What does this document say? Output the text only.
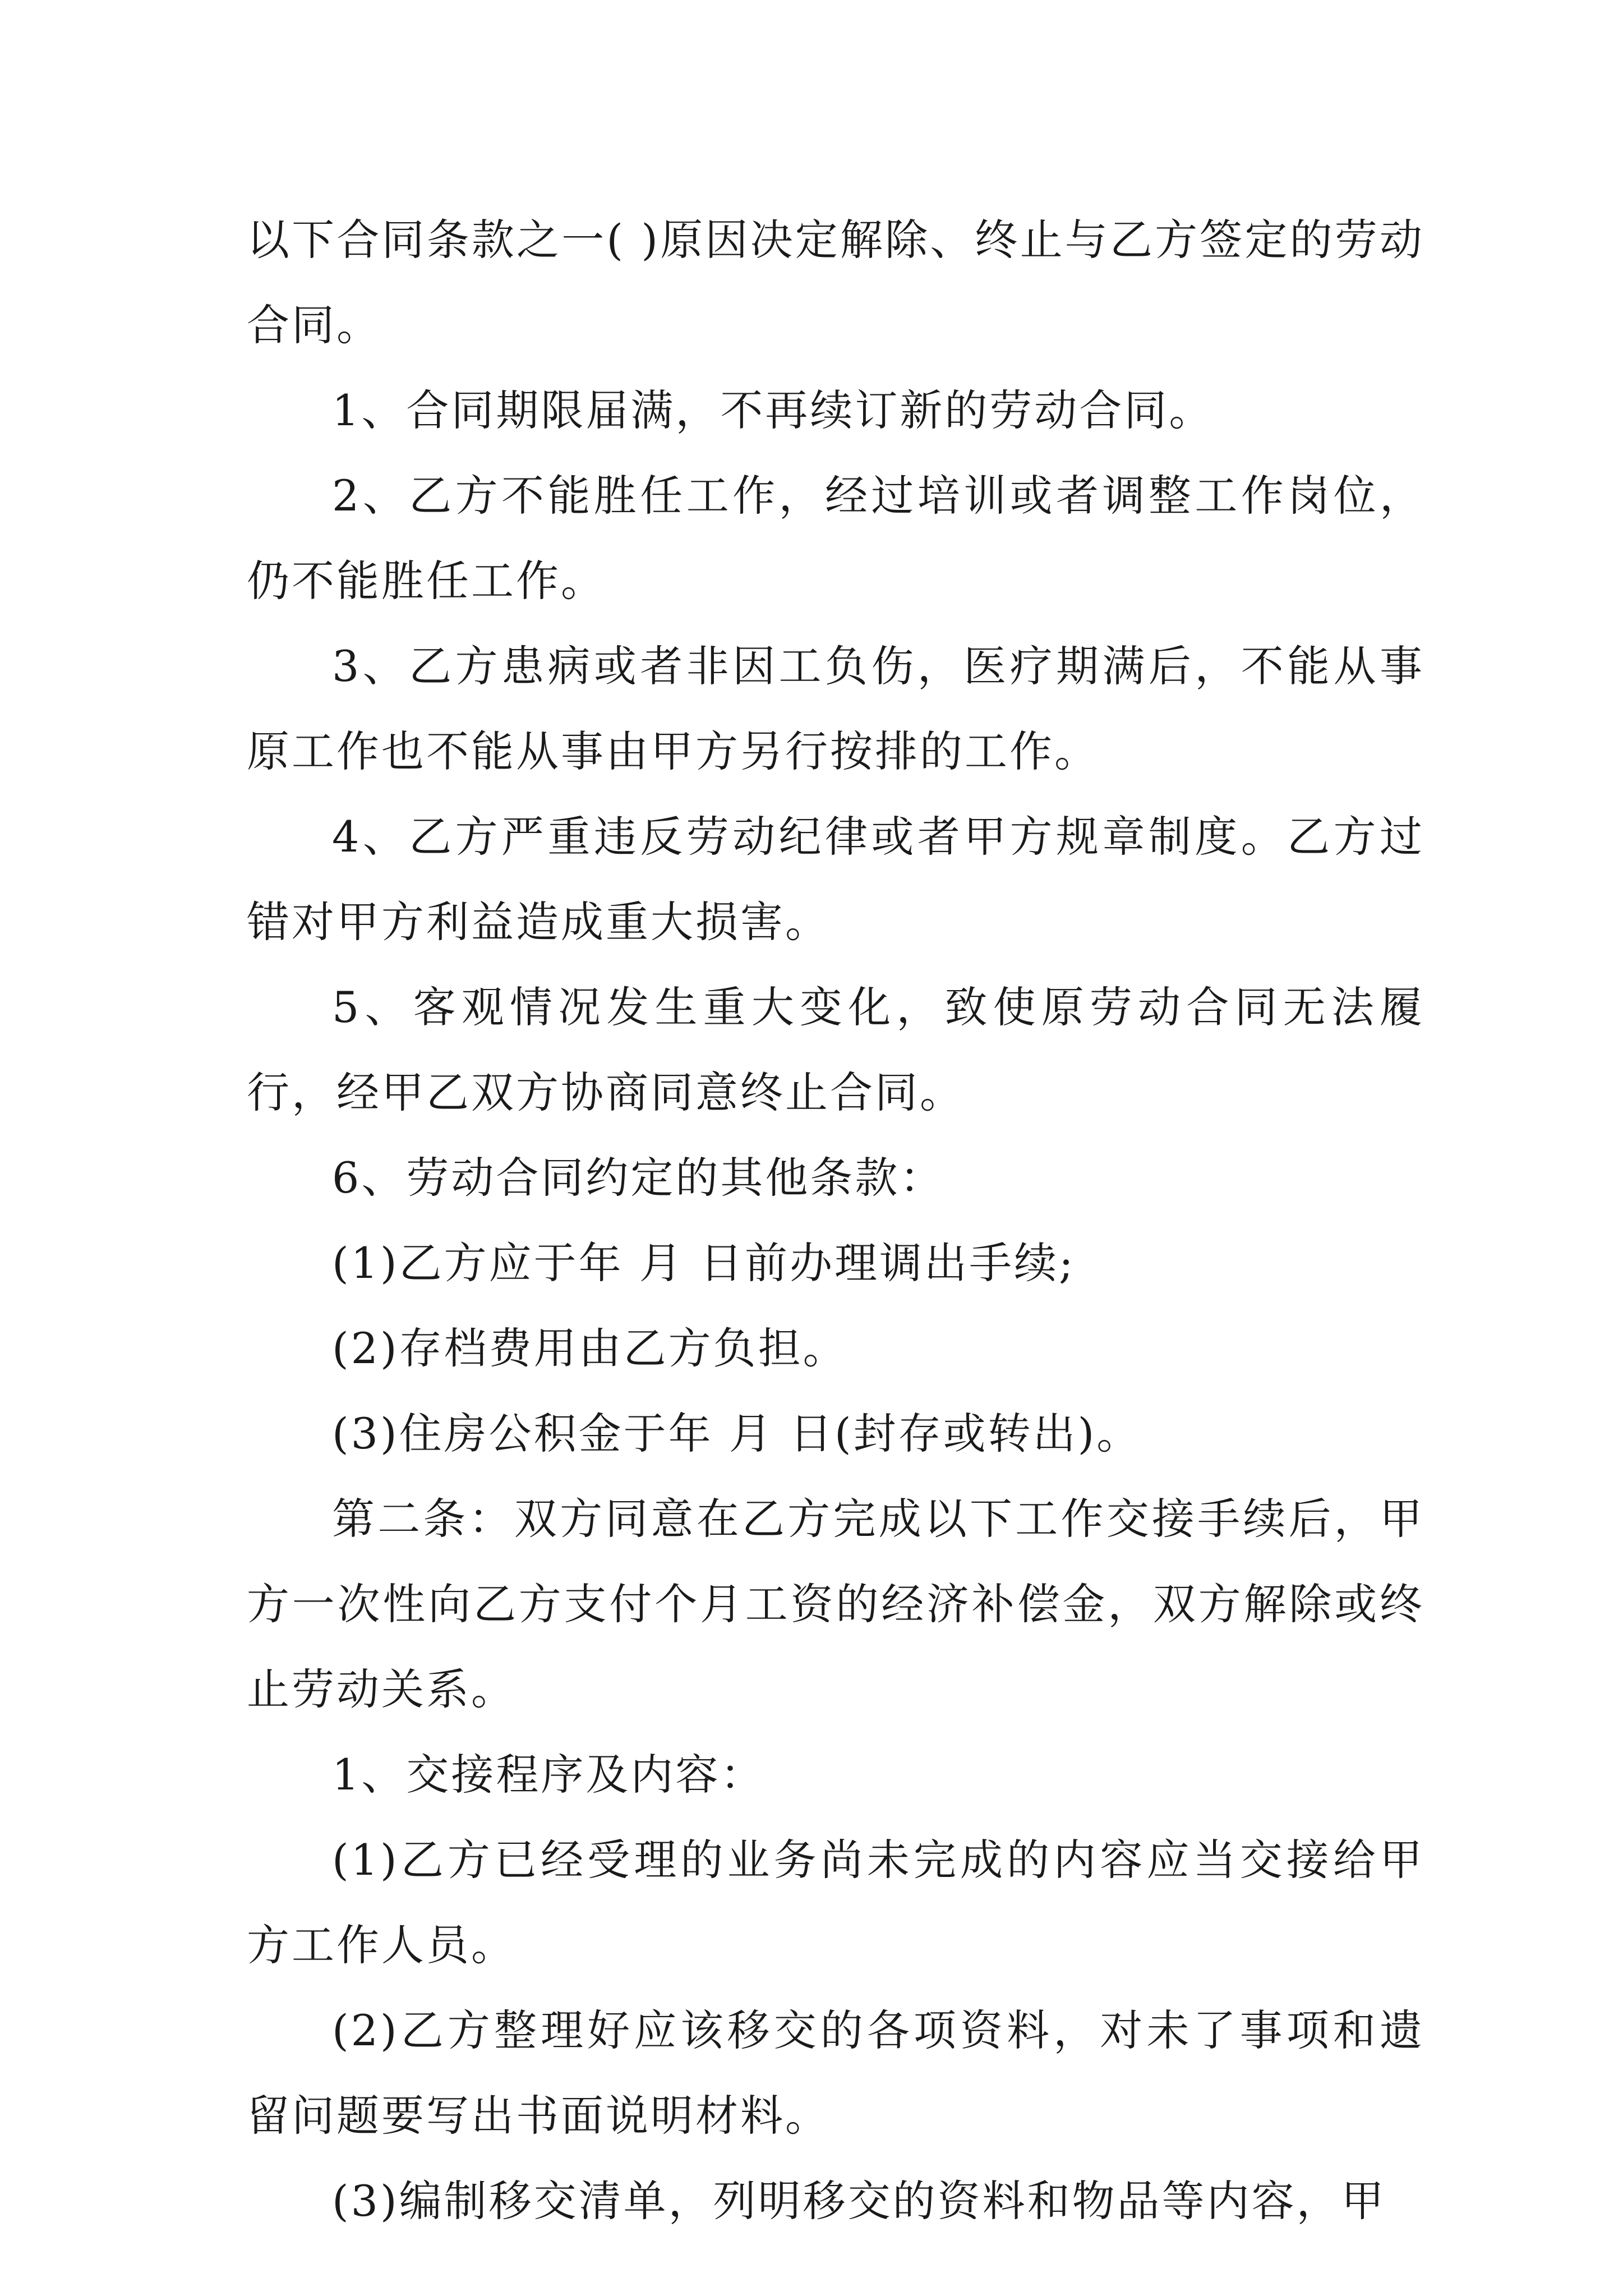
以下合同条款之一( )原因决定解除、终止与乙方签定的劳动合同。

1、合同期限届满，不再续订新的劳动合同。

2、乙方不能胜任工作，经过培训或者调整工作岗位，仍不能胜任工作。

3、乙方患病或者非因工负伤，医疗期满后，不能从事原工作也不能从事由甲方另行按排的工作。

4、乙方严重违反劳动纪律或者甲方规章制度。乙方过错对甲方利益造成重大损害。

5、客观情况发生重大变化，致使原劳动合同无法履行，经甲乙双方协商同意终止合同。

6、劳动合同约定的其他条款：

(1)乙方应于年 月 日前办理调出手续;

(2)存档费用由乙方负担。

(3)住房公积金于年 月 日(封存或转出)。

第二条：双方同意在乙方完成以下工作交接手续后，甲方一次性向乙方支付个月工资的经济补偿金，双方解除或终止劳动关系。

1、交接程序及内容：

(1)乙方已经受理的业务尚未完成的内容应当交接给甲方工作人员。

(2)乙方整理好应该移交的各项资料，对未了事项和遗留问题要写出书面说明材料。

(3)编制移交清单，列明移交的资料和物品等内容，甲
